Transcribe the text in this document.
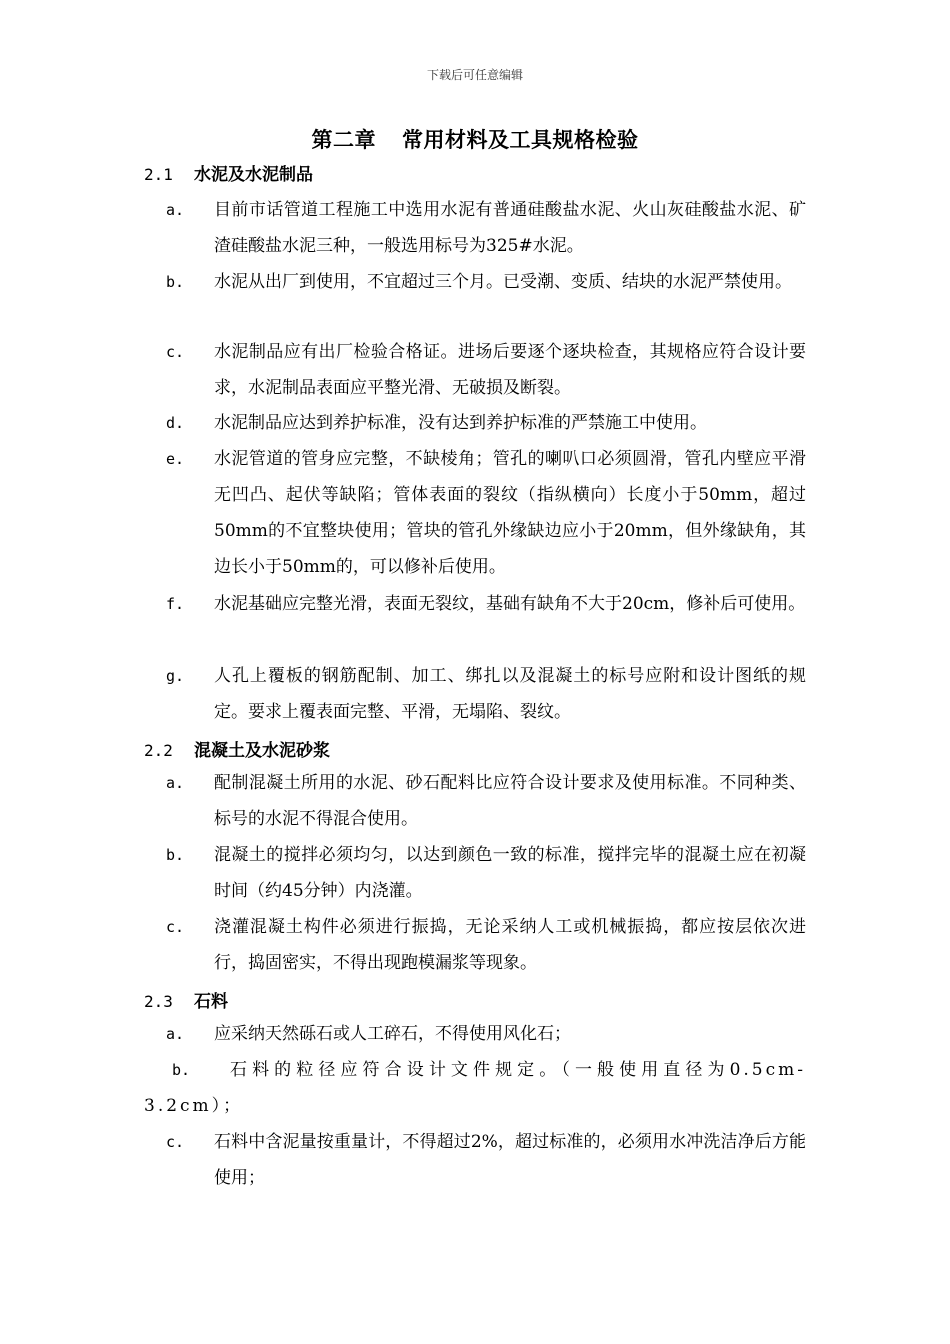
下载后可任意编辑
第二章 常用材料及工具规格检验
2.1 水泥及水泥制品
a.	目前市话管道工程施工中选用水泥有普通硅酸盐水泥、火山灰硅酸盐水泥、矿渣硅酸盐水泥三种，一般选用标号为325#水泥。
b.	水泥从出厂到使用，不宜超过三个月。已受潮、变质、结块的水泥严禁使用。
c.	水泥制品应有出厂检验合格证。进场后要逐个逐块检查，其规格应符合设计要求，水泥制品表面应平整光滑、无破损及断裂。
d.	水泥制品应达到养护标准，没有达到养护标准的严禁施工中使用。
e.	水泥管道的管身应完整，不缺棱角；管孔的喇叭口必须圆滑，管孔内壁应平滑无凹凸、起伏等缺陷；管体表面的裂纹（指纵横向）长度小于50mm，超过50mm的不宜整块使用；管块的管孔外缘缺边应小于20mm，但外缘缺角，其边长小于50mm的，可以修补后使用。
f.	水泥基础应完整光滑，表面无裂纹，基础有缺角不大于20cm，修补后可使用。
g.	人孔上覆板的钢筋配制、加工、绑扎以及混凝土的标号应附和设计图纸的规定。要求上覆表面完整、平滑，无塌陷、裂纹。
2.2 混凝土及水泥砂浆
a.	配制混凝土所用的水泥、砂石配料比应符合设计要求及使用标准。不同种类、标号的水泥不得混合使用。
b.	混凝土的搅拌必须均匀，以达到颜色一致的标准，搅拌完毕的混凝土应在初凝时间（约45分钟）内浇灌。
c.	浇灌混凝土构件必须进行振捣，无论采纳人工或机械振捣，都应按层依次进行，捣固密实，不得出现跑模漏浆等现象。
2.3 石料
a.	应采纳天然砾石或人工碎石，不得使用风化石；
b.	石料的粒径应符合设计文件规定。（一般使用直径为0.5cm-3.2cm）；
c.	石料中含泥量按重量计，不得超过2%，超过标准的，必须用水冲洗洁净后方能使用；
